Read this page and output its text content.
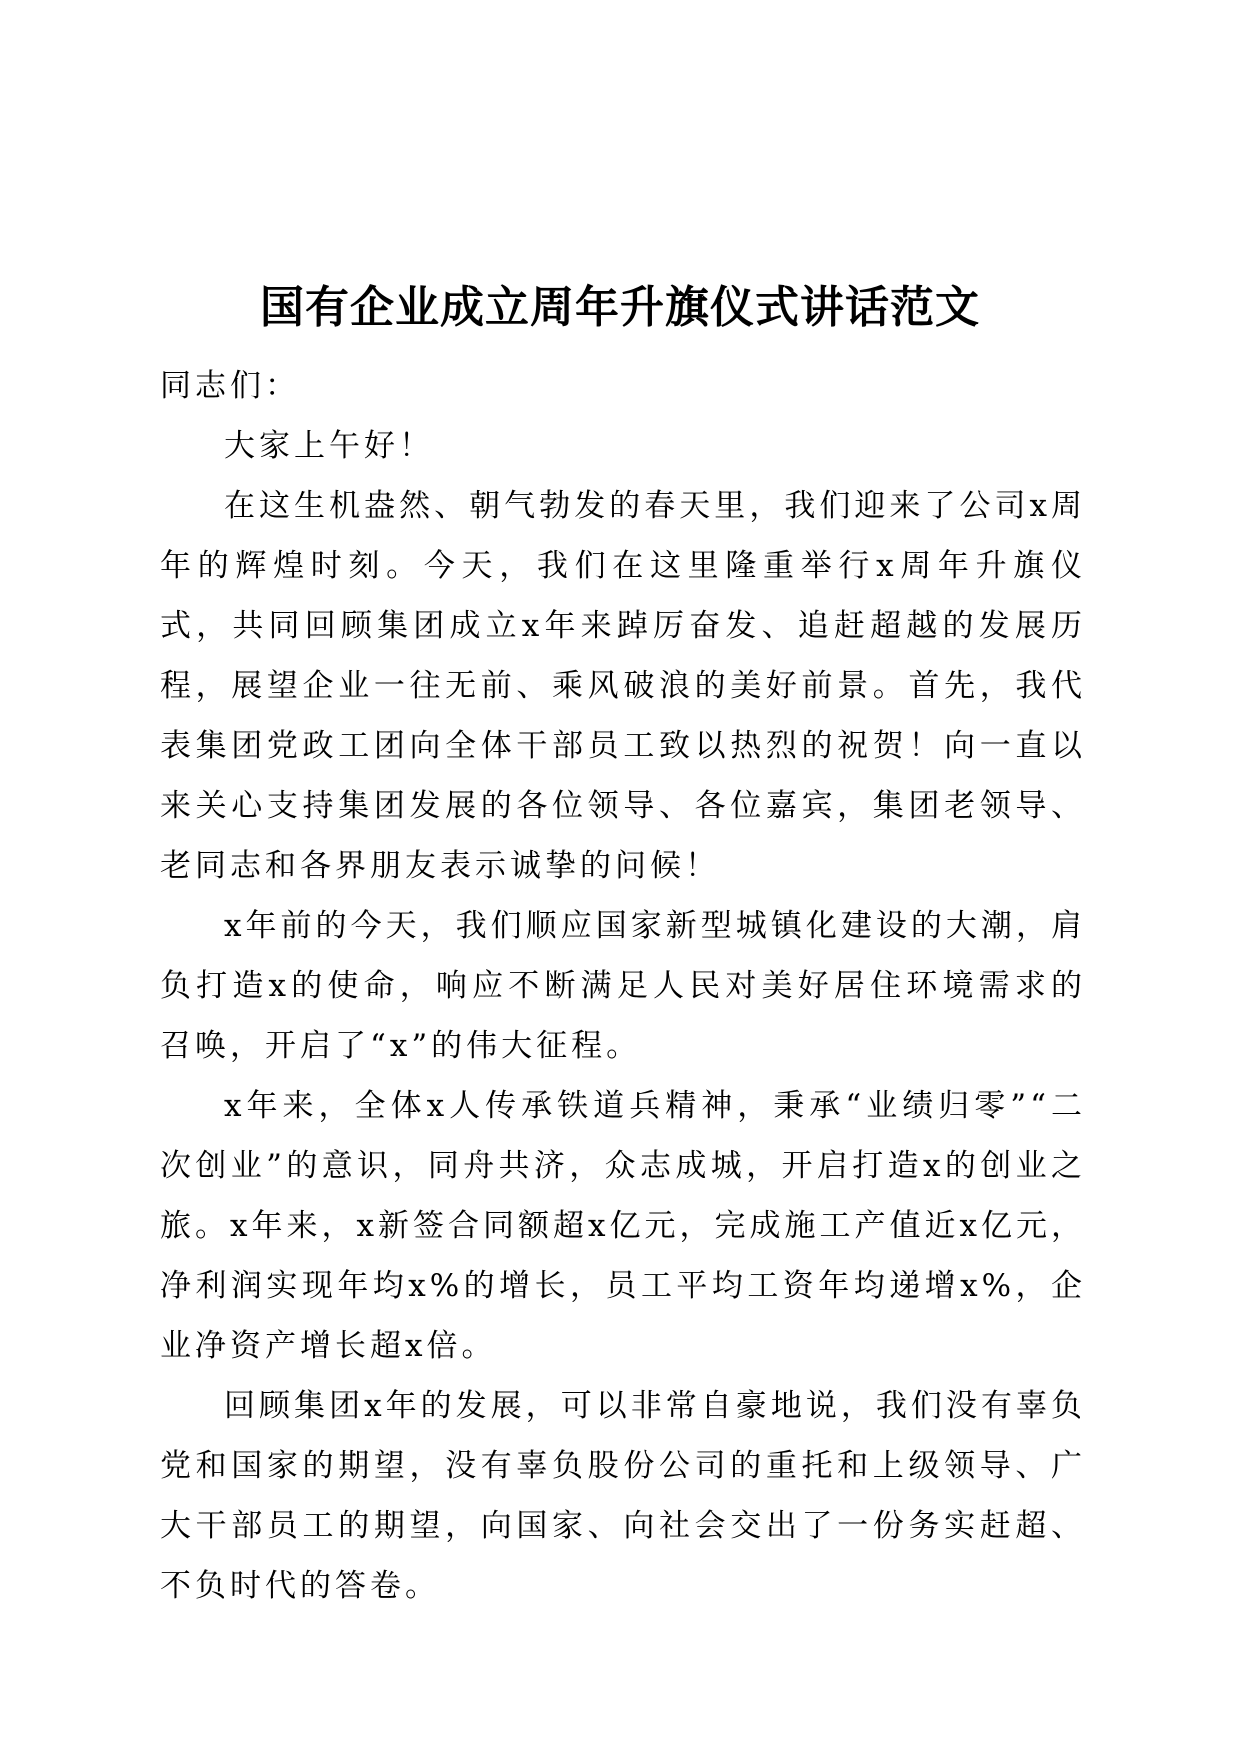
国有企业成立周年升旗仪式讲话范文

同志们：

大家上午好！

在这生机盎然、朝气勃发的春天里，我们迎来了公司x周年的辉煌时刻。今天，我们在这里隆重举行x周年升旗仪式，共同回顾集团成立x年来踔厉奋发、追赶超越的发展历程，展望企业一往无前、乘风破浪的美好前景。首先，我代表集团党政工团向全体干部员工致以热烈的祝贺！向一直以来关心支持集团发展的各位领导、各位嘉宾，集团老领导、老同志和各界朋友表示诚挚的问候！

x年前的今天，我们顺应国家新型城镇化建设的大潮，肩负打造x的使命，响应不断满足人民对美好居住环境需求的召唤，开启了“x”的伟大征程。

x年来，全体x人传承铁道兵精神，秉承“业绩归零”“二次创业”的意识，同舟共济，众志成城，开启打造x的创业之旅。x年来，x新签合同额超x亿元，完成施工产值近x亿元，净利润实现年均x%的增长，员工平均工资年均递增x%，企业净资产增长超x倍。

回顾集团x年的发展，可以非常自豪地说，我们没有辜负党和国家的期望，没有辜负股份公司的重托和上级领导、广大干部员工的期望，向国家、向社会交出了一份务实赶超、不负时代的答卷。
